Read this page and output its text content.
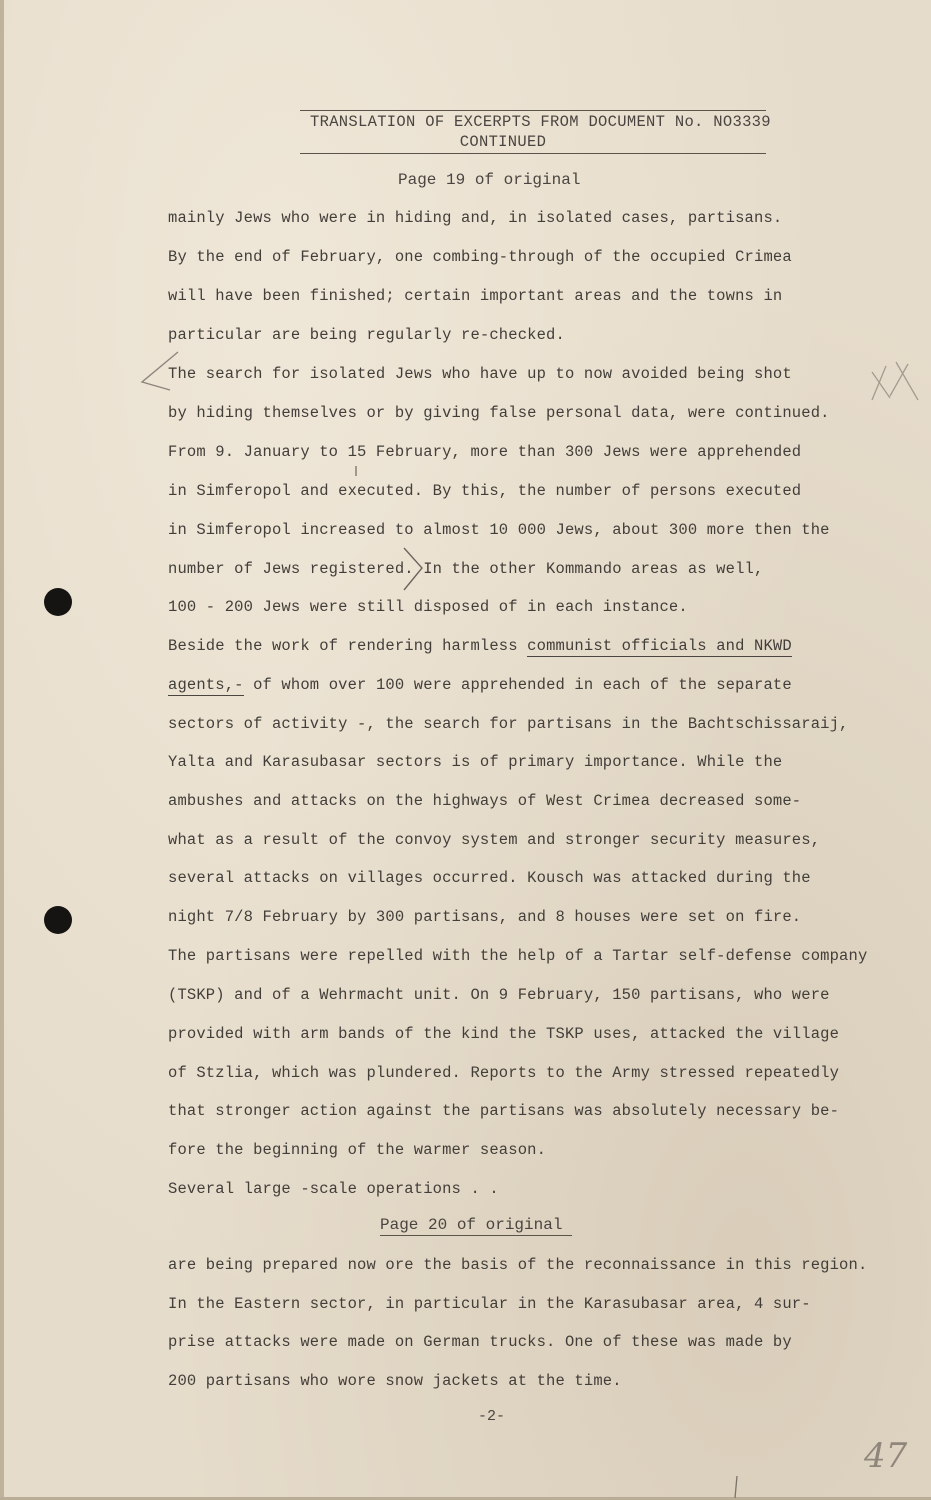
TRANSLATION OF EXCERPTS FROM DOCUMENT No. NO3339
CONTINUED
Page 19 of original
mainly Jews who were in hiding and, in isolated cases, partisans.
By the end of February, one combing-through of the occupied Crimea
will have been finished; certain important areas and the towns in
particular are being regularly re-checked.
The search for isolated Jews who have up to now avoided being shot
by hiding themselves or by giving false personal data, were continued.
From 9. January to 15 February, more than 300 Jews were apprehended
in Simferopol and executed. By this, the number of persons executed
in Simferopol increased to almost 10 000 Jews, about 300 more then the
number of Jews registered. In the other Kommando areas as well,
100 - 200 Jews were still disposed of in each instance.
Beside the work of rendering harmless communist officials and NKWD
agents,- of whom over 100 were apprehended in each of the separate
sectors of activity -, the search for partisans in the Bachtschissaraij,
Yalta and Karasubasar sectors is of primary importance. While the
ambushes and attacks on the highways of West Crimea decreased some-
what as a result of the convoy system and stronger security measures,
several attacks on villages occurred. Kousch was attacked during the
night 7/8 February by 300 partisans, and 8 houses were set on fire.
The partisans were repelled with the help of a Tartar self-defense company
(TSKP) and of a Wehrmacht unit. On 9 February, 150 partisans, who were
provided with arm bands of the kind the TSKP uses, attacked the village
of Stzlia, which was plundered. Reports to the Army stressed repeatedly
that stronger action against the partisans was absolutely necessary be-
fore the beginning of the warmer season.
Several large -scale operations . .
Page 20 of original
are being prepared now ore the basis of the reconnaissance in this region.
In the Eastern sector, in particular in the Karasubasar area, 4 sur-
prise attacks were made on German trucks. One of these was made by
200 partisans who wore snow jackets at the time.
-2-
47
